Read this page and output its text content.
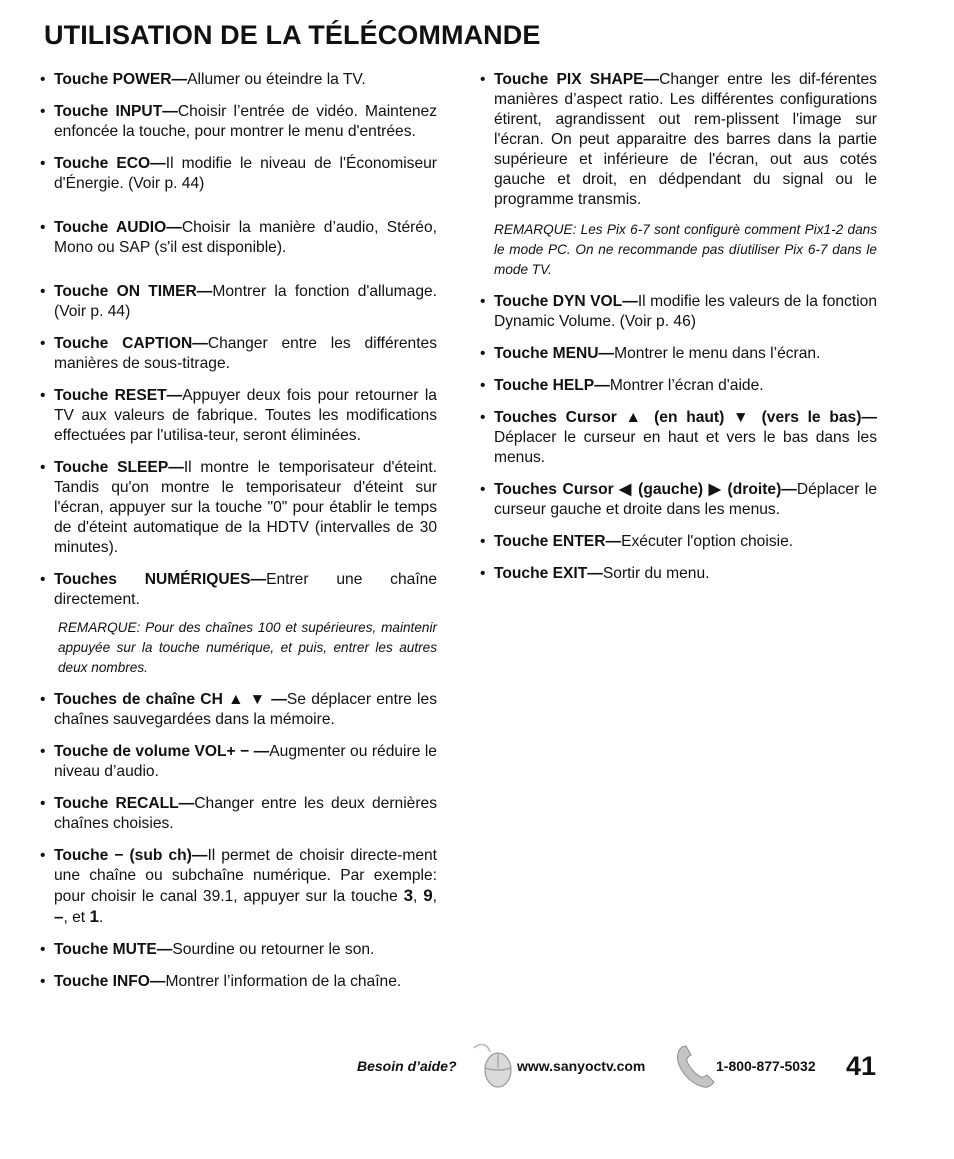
UTILISATION DE LA TÉLÉCOMMANDE
• Touche POWER—Allumer ou éteindre la TV.
• Touche INPUT—Choisir l’entrée de vidéo. Maintenez enfoncée la touche, pour montrer le menu d'entrées.
• Touche ECO—Il modifie le niveau de l'Économiseur d'Énergie. (Voir p. 44)
• Touche AUDIO—Choisir la manière d’audio, Stéréo, Mono ou SAP (s'il est disponible).
• Touche ON TIMER—Montrer la fonction d'allumage. (Voir p. 44)
• Touche CAPTION—Changer entre les différentes manières de sous-titrage.
• Touche RESET—Appuyer deux fois pour retourner la TV aux valeurs de fabrique. Toutes les modifications effectuées par l'utilisa-teur, seront éliminées.
• Touche SLEEP—Il montre le temporisateur d'éteint. Tandis qu'on montre le temporisateur d'éteint sur l'écran, appuyer sur la touche "0" pour établir le temps de d'éteint automatique de la HDTV (intervalles de 30 minutes).
• Touches NUMÉRIQUES—Entrer une chaîne directement.
REMARQUE: Pour des chaînes 100 et supérieures, maintenir appuyée sur la touche numérique, et puis, entrer les autres deux nombres.
• Touches de chaîne CH ▲ ▼ —Se déplacer entre les chaînes sauvegardées dans la mémoire.
• Touche de volume VOL+ − —Augmenter ou réduire le niveau d’audio.
• Touche RECALL—Changer entre les deux dernières chaînes choisies.
• Touche − (sub ch)—Il permet de choisir directe-ment une chaîne ou subchaîne numérique. Par exemple: pour choisir le canal 39.1, appuyer sur la touche 3, 9, –, et 1.
• Touche MUTE—Sourdine ou retourner le son.
• Touche INFO—Montrer l’information de la chaîne.
• Touche PIX SHAPE—Changer entre les dif-férentes manières d’aspect ratio. Les différentes configurations étirent, agrandissent out rem-plissent l'image sur l'écran. On peut apparaitre des barres dans la partie supérieure et inférieure de l'écran, out aus cotés gauche et droit, en dédpendant du signal ou le programme transmis.
REMARQUE: Les Pix 6-7 sont configurè comment Pix1-2 dans le mode PC. On ne recommande pas díutiliser Pix 6-7 dans le mode TV.
• Touche DYN VOL—Il modifie les valeurs de la fonction Dynamic Volume. (Voir p. 46)
• Touche MENU—Montrer le menu dans l’écran.
• Touche HELP—Montrer l’écran d'aide.
• Touches Cursor ▲ (en haut) ▼ (vers le bas)—Déplacer le curseur en haut et vers le bas dans les menus.
• Touches Cursor ◀ (gauche) ▶ (droite)—Déplacer le curseur gauche et droite dans les menus.
• Touche ENTER—Exécuter l'option choisie.
• Touche EXIT—Sortir du menu.
Besoin d’aide?	www.sanyoctv.com	1-800-877-5032 41
